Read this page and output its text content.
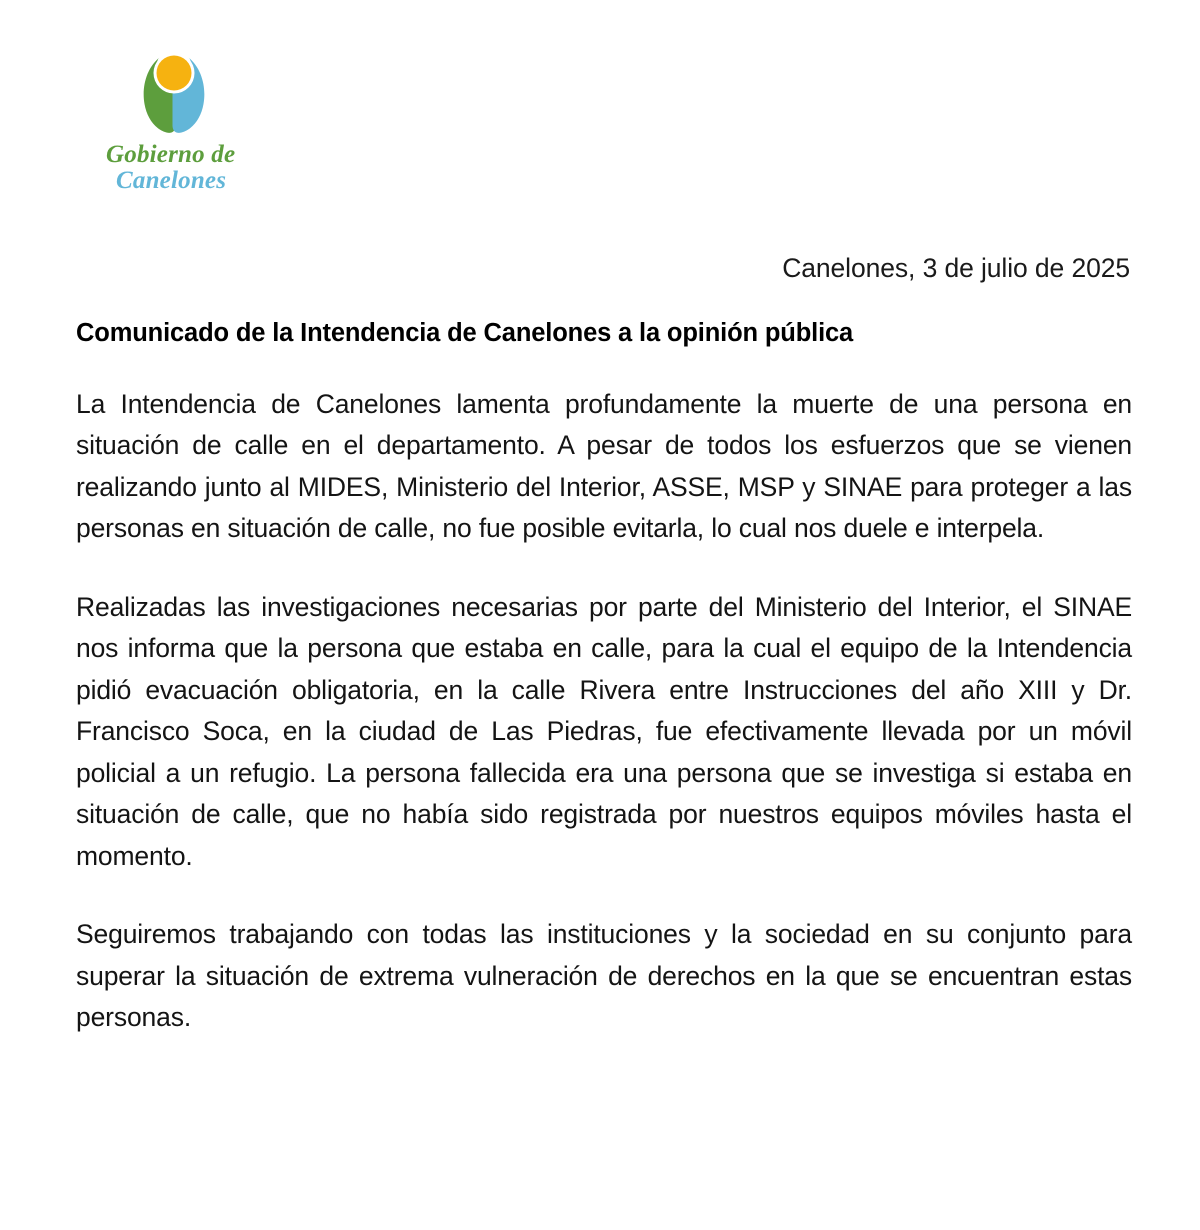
Gobierno de
Canelones
Canelones, 3 de julio de 2025
Comunicado de la Intendencia de Canelones a la opinión pública

La Intendencia de Canelones lamenta profundamente la muerte de una persona en situación de calle en el departamento. A pesar de todos los esfuerzos que se vienen realizando junto al MIDES, Ministerio del Interior, ASSE, MSP y SINAE para proteger a las personas en situación de calle, no fue posible evitarla, lo cual nos duele e interpela.

Realizadas las investigaciones necesarias por parte del Ministerio del Interior, el SINAE nos informa que la persona que estaba en calle, para la cual el equipo de la Intendencia pidió evacuación obligatoria, en la calle Rivera entre Instrucciones del año XIII y Dr. Francisco Soca, en la ciudad de Las Piedras, fue efectivamente llevada por un móvil policial a un refugio. La persona fallecida era una persona que se investiga si estaba en situación de calle, que no había sido registrada por nuestros equipos móviles hasta el momento.

Seguiremos trabajando con todas las instituciones y la sociedad en su conjunto para superar la situación de extrema vulneración de derechos en la que se encuentran estas personas.
